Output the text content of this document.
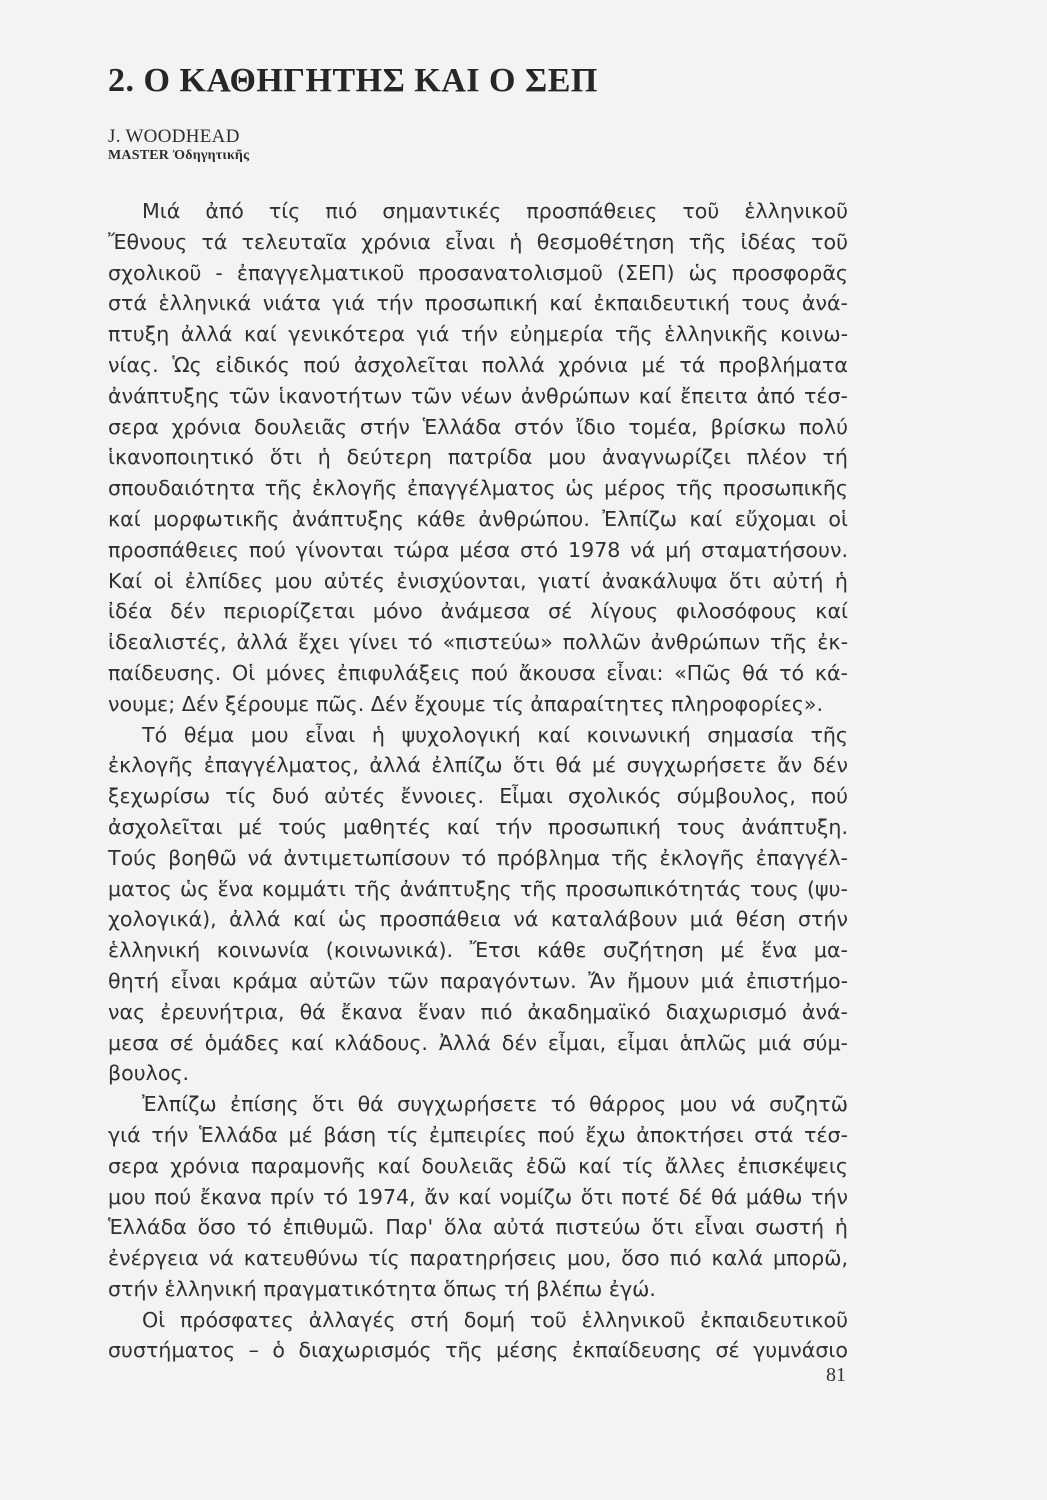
2. Ο ΚΑΘΗΓΗΤΗΣ ΚΑΙ Ο ΣΕΠ
J. WOODHEAD
MASTER Ὀδηγητικῆς

Μιά ἀπό τίς πιό σημαντικές προσπάθειες τοῦ ἑλληνικοῦ
Ἔθνους τά τελευταῖα χρόνια εἶναι ἡ θεσμοθέτηση τῆς ἰδέας τοῦ
σχολικοῦ - ἐπαγγελματικοῦ προσανατολισμοῦ (ΣΕΠ) ὡς προσφορᾶς
στά ἑλληνικά νιάτα γιά τήν προσωπική καί ἐκπαιδευτική τους ἀνά-
πτυξη ἀλλά καί γενικότερα γιά τήν εὐημερία τῆς ἑλληνικῆς κοινω-
νίας. Ὡς εἰδικός πού ἀσχολεῖται πολλά χρόνια μέ τά προβλήματα
ἀνάπτυξης τῶν ἱκανοτήτων τῶν νέων ἀνθρώπων καί ἔπειτα ἀπό τέσ-
σερα χρόνια δουλειᾶς στήν Ἑλλάδα στόν ἴδιο τομέα, βρίσκω πολύ
ἱκανοποιητικό ὅτι ἡ δεύτερη πατρίδα μου ἀναγνωρίζει πλέον τή
σπουδαιότητα τῆς ἐκλογῆς ἐπαγγέλματος ὡς μέρος τῆς προσωπικῆς
καί μορφωτικῆς ἀνάπτυξης κάθε ἀνθρώπου. Ἐλπίζω καί εὔχομαι οἱ
προσπάθειες πού γίνονται τώρα μέσα στό 1978 νά μή σταματήσουν.
Καί οἱ ἐλπίδες μου αὐτές ἐνισχύονται, γιατί ἀνακάλυψα ὅτι αὐτή ἡ
ἰδέα δέν περιορίζεται μόνο ἀνάμεσα σέ λίγους φιλοσόφους καί
ἰδεαλιστές, ἀλλά ἔχει γίνει τό «πιστεύω» πολλῶν ἀνθρώπων τῆς ἐκ-
παίδευσης. Οἱ μόνες ἐπιφυλάξεις πού ἄκουσα εἶναι: «Πῶς θά τό κά-
νουμε; Δέν ξέρουμε πῶς. Δέν ἔχουμε τίς ἀπαραίτητες πληροφορίες».

Τό θέμα μου εἶναι ἡ ψυχολογική καί κοινωνική σημασία τῆς
ἐκλογῆς ἐπαγγέλματος, ἀλλά ἐλπίζω ὅτι θά μέ συγχωρήσετε ἄν δέν
ξεχωρίσω τίς δυό αὐτές ἔννοιες. Εἶμαι σχολικός σύμβουλος, πού
ἀσχολεῖται μέ τούς μαθητές καί τήν προσωπική τους ἀνάπτυξη.
Τούς βοηθῶ νά ἀντιμετωπίσουν τό πρόβλημα τῆς ἐκλογῆς ἐπαγγέλ-
ματος ὡς ἕνα κομμάτι τῆς ἀνάπτυξης τῆς προσωπικότητάς τους (ψυ-
χολογικά), ἀλλά καί ὡς προσπάθεια νά καταλάβουν μιά θέση στήν
ἑλληνική κοινωνία (κοινωνικά). Ἔτσι κάθε συζήτηση μέ ἕνα μα-
θητή εἶναι κράμα αὐτῶν τῶν παραγόντων. Ἄν ἤμουν μιά ἐπιστήμο-
νας ἐρευνήτρια, θά ἔκανα ἕναν πιό ἀκαδημαϊκό διαχωρισμό ἀνά-
μεσα σέ ὁμάδες καί κλάδους. Ἀλλά δέν εἶμαι, εἶμαι ἁπλῶς μιά σύμ-
βουλος.

Ἐλπίζω ἐπίσης ὅτι θά συγχωρήσετε τό θάρρος μου νά συζητῶ
γιά τήν Ἑλλάδα μέ βάση τίς ἐμπειρίες πού ἔχω ἀποκτήσει στά τέσ-
σερα χρόνια παραμονῆς καί δουλειᾶς ἐδῶ καί τίς ἄλλες ἐπισκέψεις
μου πού ἔκανα πρίν τό 1974, ἄν καί νομίζω ὅτι ποτέ δέ θά μάθω τήν
Ἑλλάδα ὅσο τό ἐπιθυμῶ. Παρ' ὅλα αὐτά πιστεύω ὅτι εἶναι σωστή ἡ
ἐνέργεια νά κατευθύνω τίς παρατηρήσεις μου, ὅσο πιό καλά μπορῶ,
στήν ἑλληνική πραγματικότητα ὅπως τή βλέπω ἐγώ.

Οἱ πρόσφατες ἀλλαγές στή δομή τοῦ ἑλληνικοῦ ἐκπαιδευτικοῦ
συστήματος – ὁ διαχωρισμός τῆς μέσης ἐκπαίδευσης σέ γυμνάσιο

81
